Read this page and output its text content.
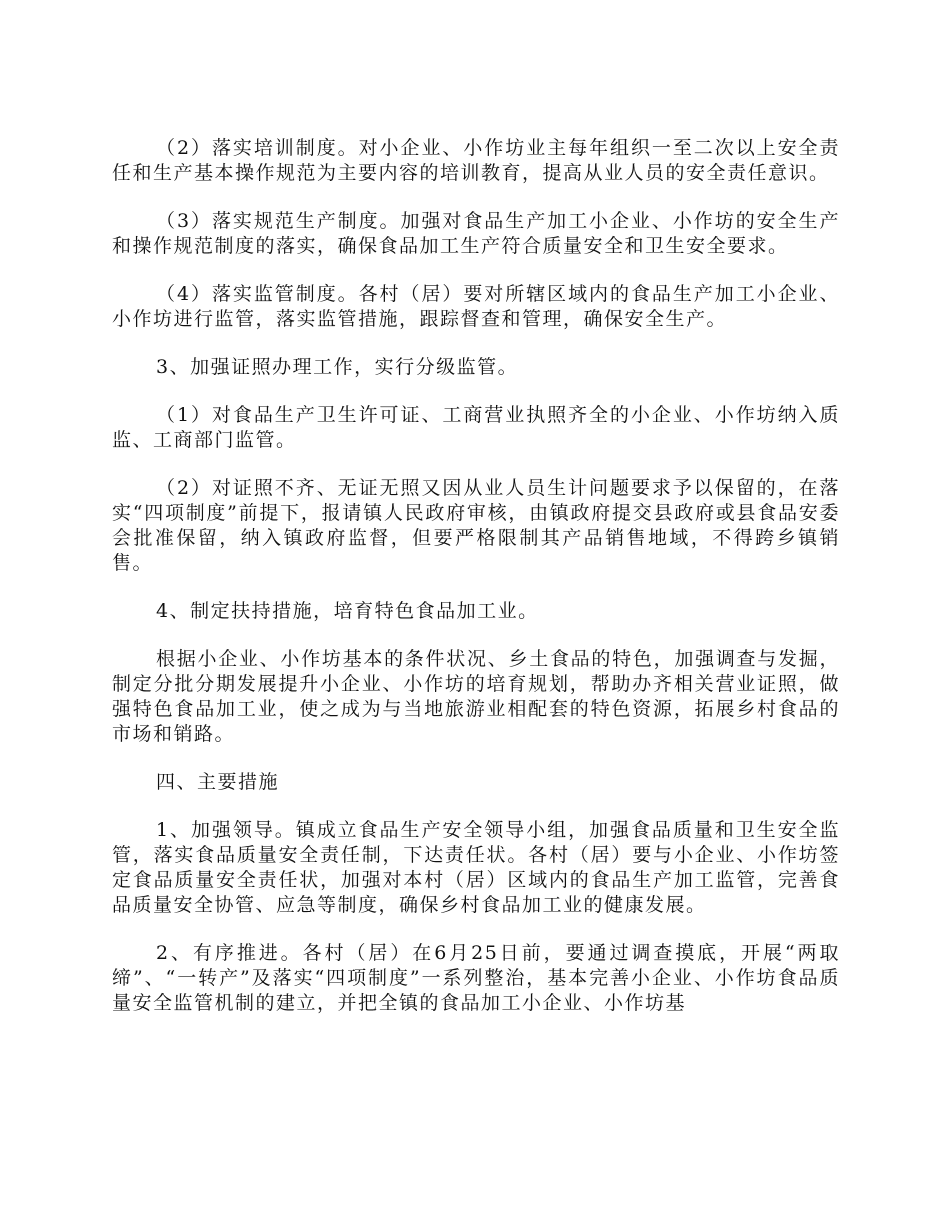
（2）落实培训制度。对小企业、小作坊业主每年组织一至二次以上安全责任和生产基本操作规范为主要内容的培训教育，提高从业人员的安全责任意识。

（3）落实规范生产制度。加强对食品生产加工小企业、小作坊的安全生产和操作规范制度的落实，确保食品加工生产符合质量安全和卫生安全要求。

（4）落实监管制度。各村（居）要对所辖区域内的食品生产加工小企业、小作坊进行监管，落实监管措施，跟踪督查和管理，确保安全生产。

3、加强证照办理工作，实行分级监管。

（1）对食品生产卫生许可证、工商营业执照齐全的小企业、小作坊纳入质监、工商部门监管。

（2）对证照不齐、无证无照又因从业人员生计问题要求予以保留的，在落实“四项制度”前提下，报请镇人民政府审核，由镇政府提交县政府或县食品安委会批准保留，纳入镇政府监督，但要严格限制其产品销售地域，不得跨乡镇销售。

4、制定扶持措施，培育特色食品加工业。

根据小企业、小作坊基本的条件状况、乡土食品的特色，加强调查与发掘，制定分批分期发展提升小企业、小作坊的培育规划，帮助办齐相关营业证照，做强特色食品加工业，使之成为与当地旅游业相配套的特色资源，拓展乡村食品的市场和销路。

四、主要措施

1、加强领导。镇成立食品生产安全领导小组，加强食品质量和卫生安全监管，落实食品质量安全责任制，下达责任状。各村（居）要与小企业、小作坊签定食品质量安全责任状，加强对本村（居）区域内的食品生产加工监管，完善食品质量安全协管、应急等制度，确保乡村食品加工业的健康发展。

2、有序推进。各村（居）在6月25日前，要通过调查摸底，开展“两取缔”、“一转产”及落实“四项制度”一系列整治，基本完善小企业、小作坊食品质量安全监管机制的建立，并把全镇的食品加工小企业、小作坊基
